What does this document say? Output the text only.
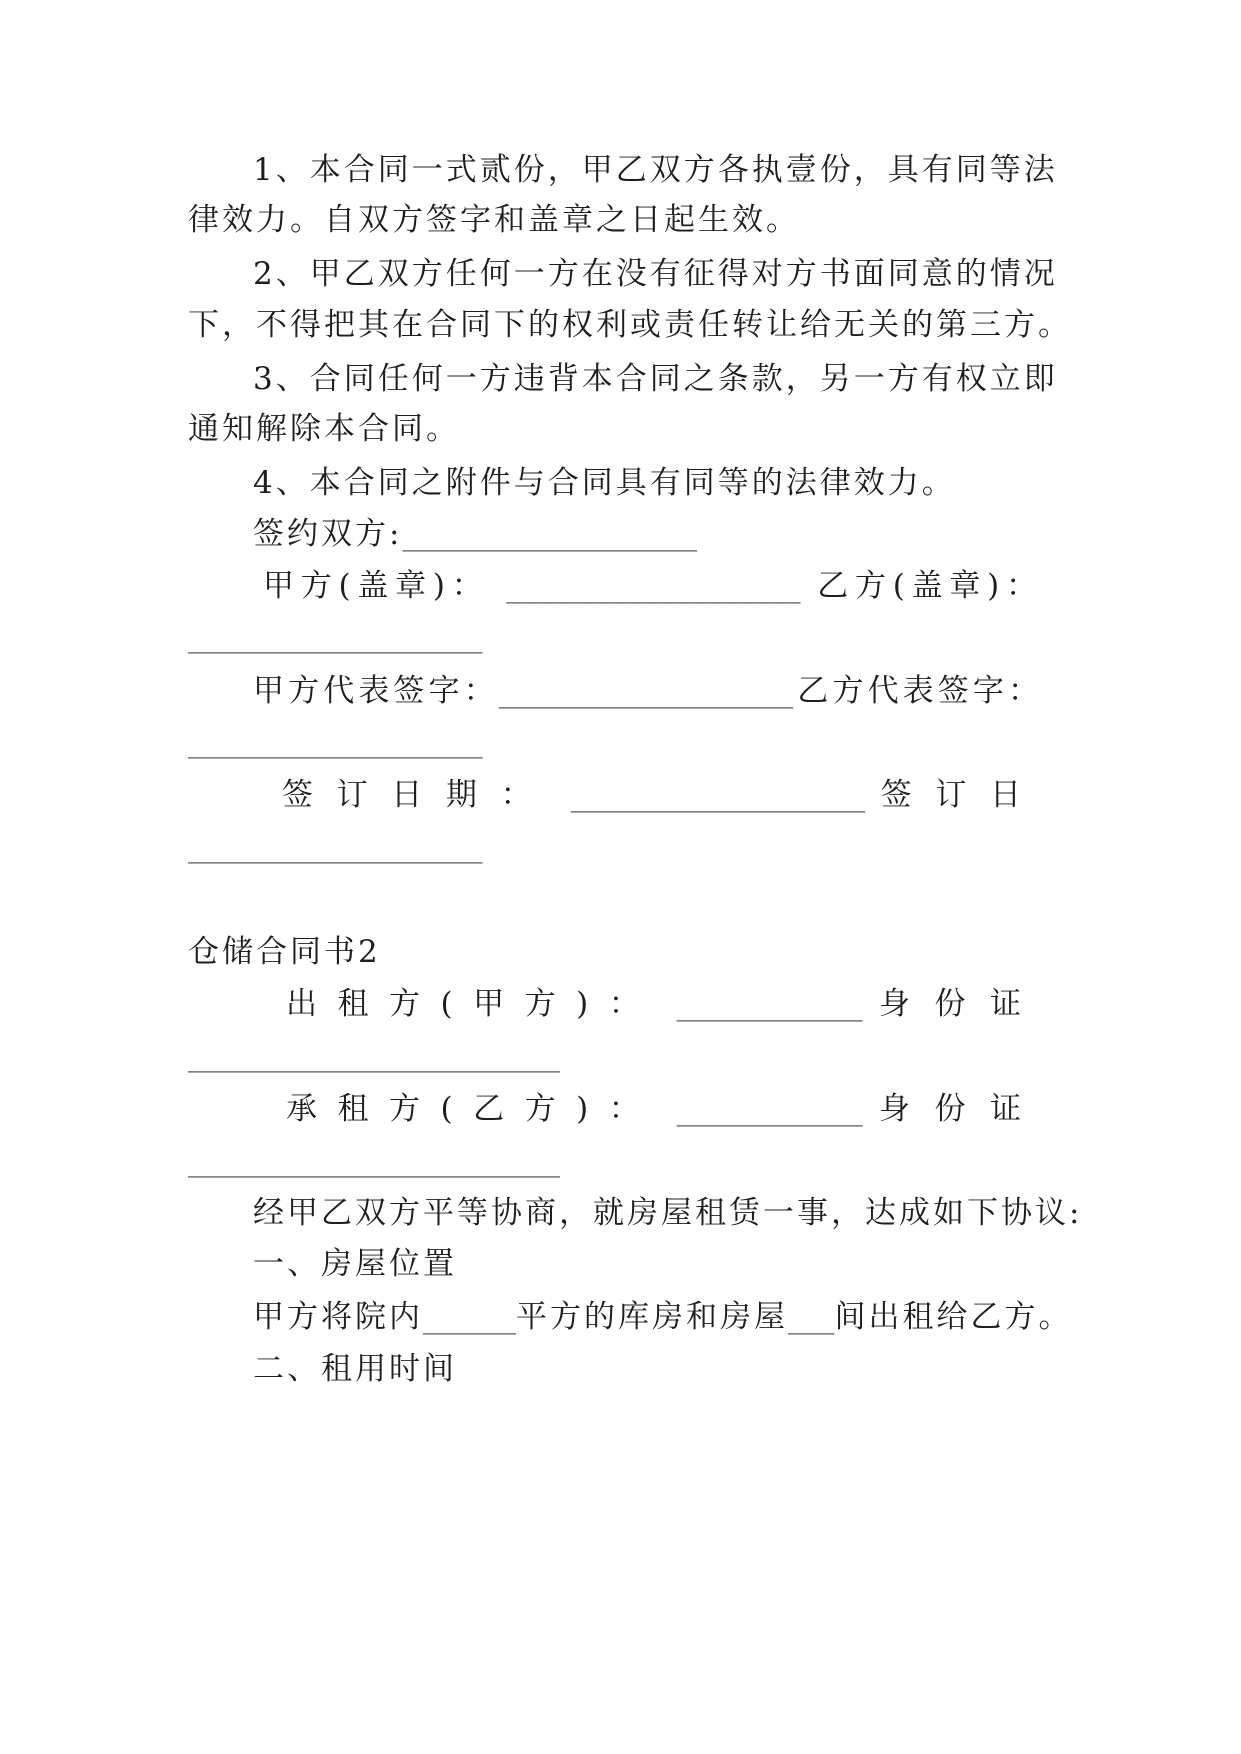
1、本合同一式贰份，甲乙双方各执壹份，具有同等法
律效力。自双方签字和盖章之日起生效。
2、甲乙双方任何一方在没有征得对方书面同意的情况
下，不得把其在合同下的权利或责任转让给无关的第三方。
3、合同任何一方违背本合同之条款，另一方有权立即
通知解除本合同。
4、本合同之附件与合同具有同等的法律效力。
签约双方:___________________
甲方(盖章)： ___________________ 乙方(盖章)：
___________________
甲方代表签字：___________________乙方代表签字：
___________________
签订日期： ___________________ 签订日
___________________
仓储合同书2
出租方(甲方)： ____________ 身份证
________________________
承租方(乙方)： ____________ 身份证
________________________
经甲乙双方平等协商，就房屋租赁一事，达成如下协议:
一、房屋位置
甲方将院内______平方的库房和房屋___间出租给乙方。
二、租用时间
